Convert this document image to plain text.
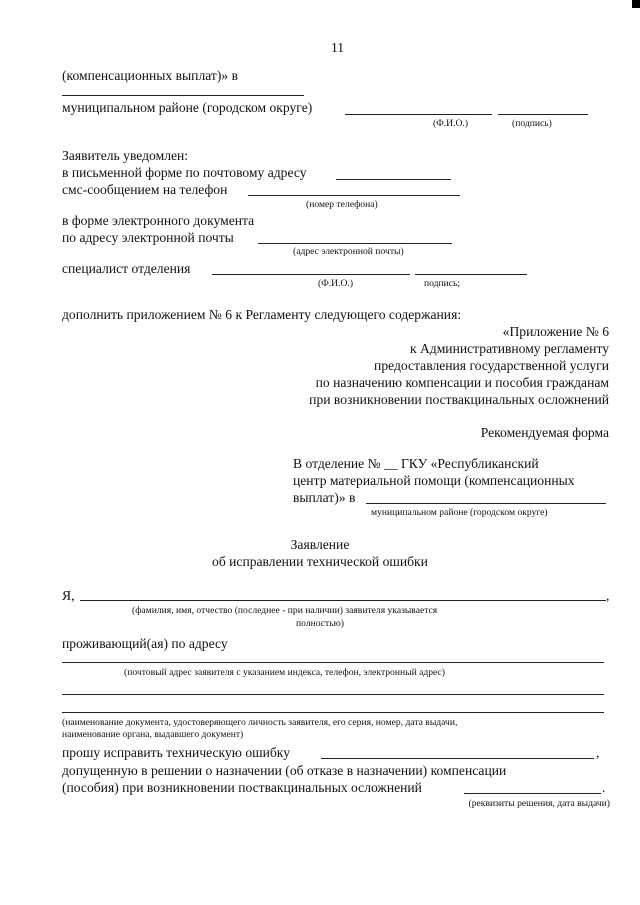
11
(компенсационных выплат)» в
муниципальном районе (городском округе)
(Ф.И.О.)	(подпись)
Заявитель уведомлен:
в письменной форме по почтовому адресу
смс-сообщением на телефон
(номер телефона)
в форме электронного документа
по адресу электронной почты
(адрес электронной почты)
специалист отделения
(Ф.И.О.)	подпись;
дополнить приложением № 6 к Регламенту следующего содержания:
«Приложение № 6
к Административному регламенту
предоставления государственной услуги
по назначению компенсации и пособия гражданам
при возникновении поствакцинальных осложнений
Рекомендуемая форма
В отделение № __ ГКУ «Республиканский
центр материальной помощи (компенсационных
выплат)» в
муниципальном районе (городском округе)
Заявление
об исправлении технической ошибки
Я,	,
(фамилия, имя, отчество (последнее - при наличии) заявителя указывается
полностью)
проживающий(ая) по адресу
(почтовый адрес заявителя с указанием индекса, телефон, электронный адрес)
(наименование документа, удостоверяющего личность заявителя, его серия, номер, дата выдачи,
наименование органа, выдавшего документ)
прошу исправить техническую ошибку	,
допущенную в решении о назначении (об отказе в назначении) компенсации
(пособия) при возникновении поствакцинальных осложнений	.
(реквизиты решения, дата выдачи)
